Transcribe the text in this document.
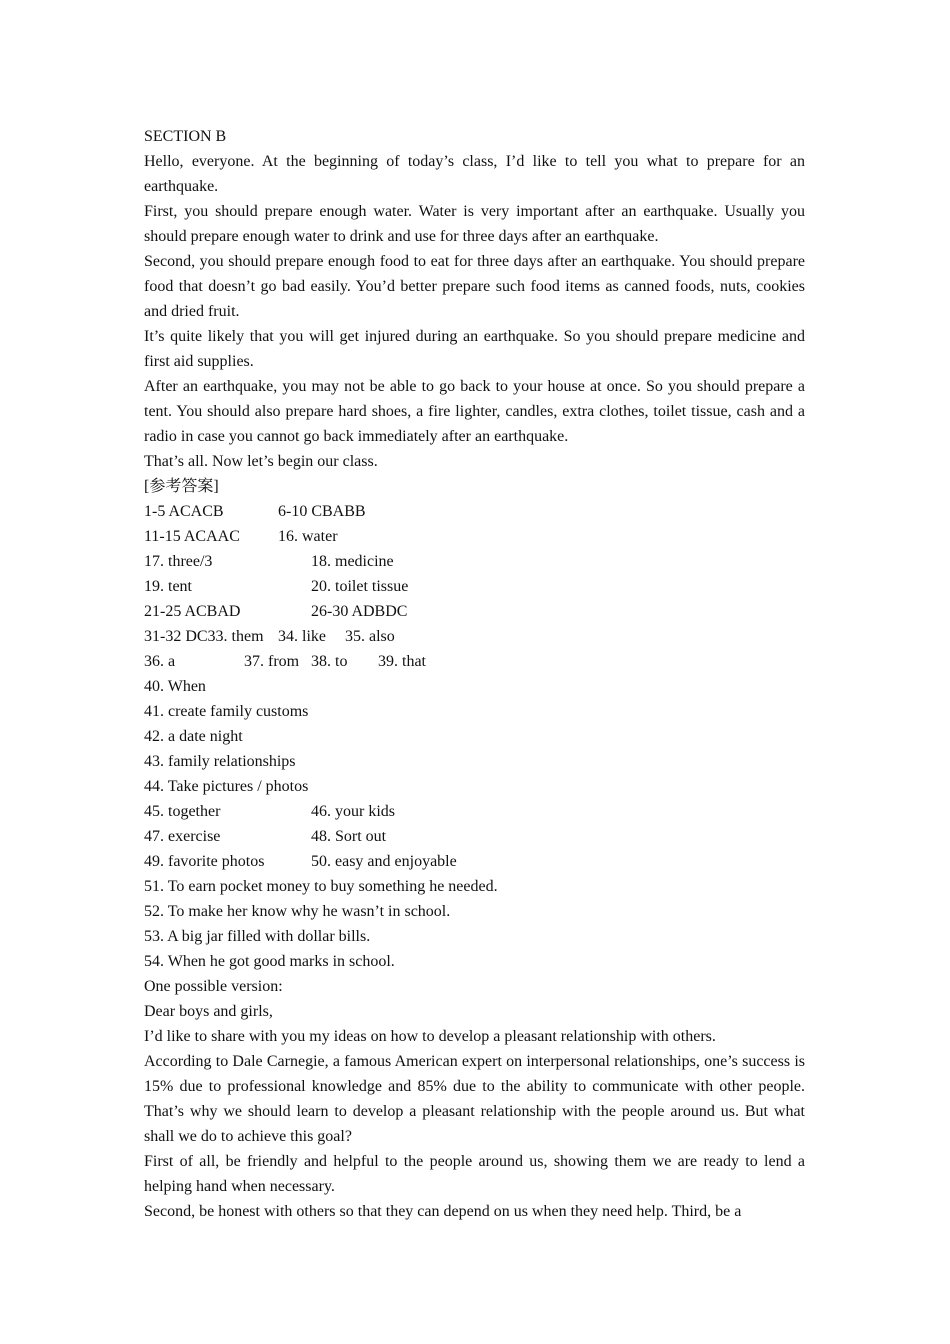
SECTION B

Hello, everyone. At the beginning of today’s class, I’d like to tell you what to prepare for an earthquake.

First, you should prepare enough water. Water is very important after an earthquake. Usually you should prepare enough water to drink and use for three days after an earthquake.

Second, you should prepare enough food to eat for three days after an earthquake. You should prepare food that doesn’t go bad easily. You’d better prepare such food items as canned foods, nuts, cookies and dried fruit.

It’s quite likely that you will get injured during an earthquake. So you should prepare medicine and first aid supplies.

After an earthquake, you may not be able to go back to your house at once. So you should prepare a tent. You should also prepare hard shoes, a fire lighter, candles, extra clothes, toilet tissue, cash and a radio in case you cannot go back immediately after an earthquake.

That’s all. Now let’s begin our class.

[参考答案]

1-5 ACACB	6-10 CBABB
11-15 ACAAC 16. water
17. three/3	18. medicine
19. tent	20. toilet tissue
21-25 ACBAD	26-30 ADBDC
31-32 DC33. them 34. like 35. also
36. a	37. from 38. to 39. that
40. When
41. create family customs
42. a date night
43. family relationships
44. Take pictures / photos
45. together	46. your kids
47. exercise	48. Sort out
49. favorite photos	50. easy and enjoyable
51. To earn pocket money to buy something he needed.
52. To make her know why he wasn’t in school.
53. A big jar filled with dollar bills.
54. When he got good marks in school.

One possible version:

Dear boys and girls,

I’d like to share with you my ideas on how to develop a pleasant relationship with others.

According to Dale Carnegie, a famous American expert on interpersonal relationships, one’s success is 15% due to professional knowledge and 85% due to the ability to communicate with other people. That’s why we should learn to develop a pleasant relationship with the people around us. But what shall we do to achieve this goal?

First of all, be friendly and helpful to the people around us, showing them we are ready to lend a helping hand when necessary.

Second, be honest with others so that they can depend on us when they need help. Third, be a
